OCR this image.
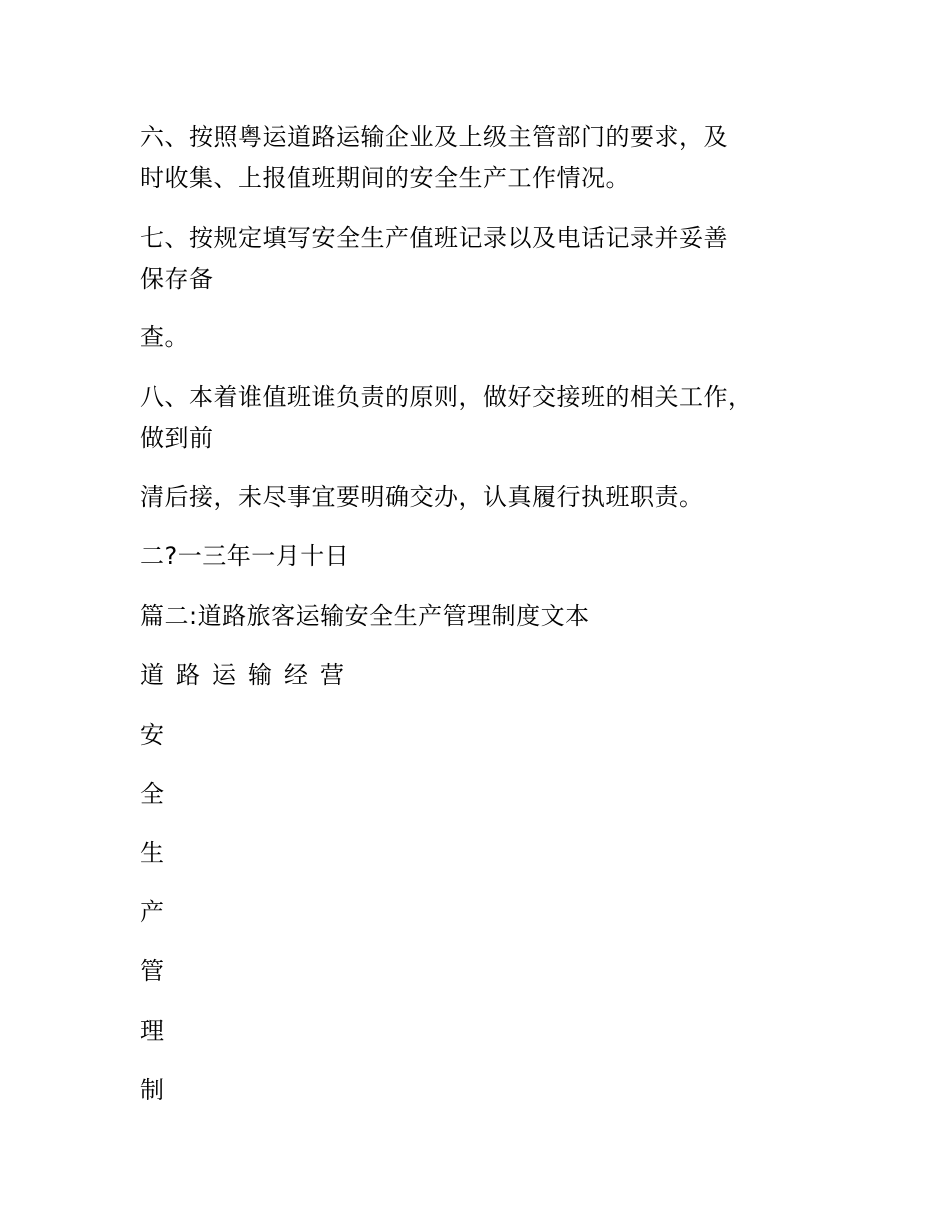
六、按照粤运道路运输企业及上级主管部门的要求，及
时收集、上报值班期间的安全生产工作情况。
七、按规定填写安全生产值班记录以及电话记录并妥善
保存备
查。
八、本着谁值班谁负责的原则，做好交接班的相关工作，
做到前
清后接，未尽事宜要明确交办，认真履行执班职责。
二?一三年一月十日
篇二:道路旅客运输安全生产管理制度文本
道路运输经营
安
全
生
产
管
理
制
